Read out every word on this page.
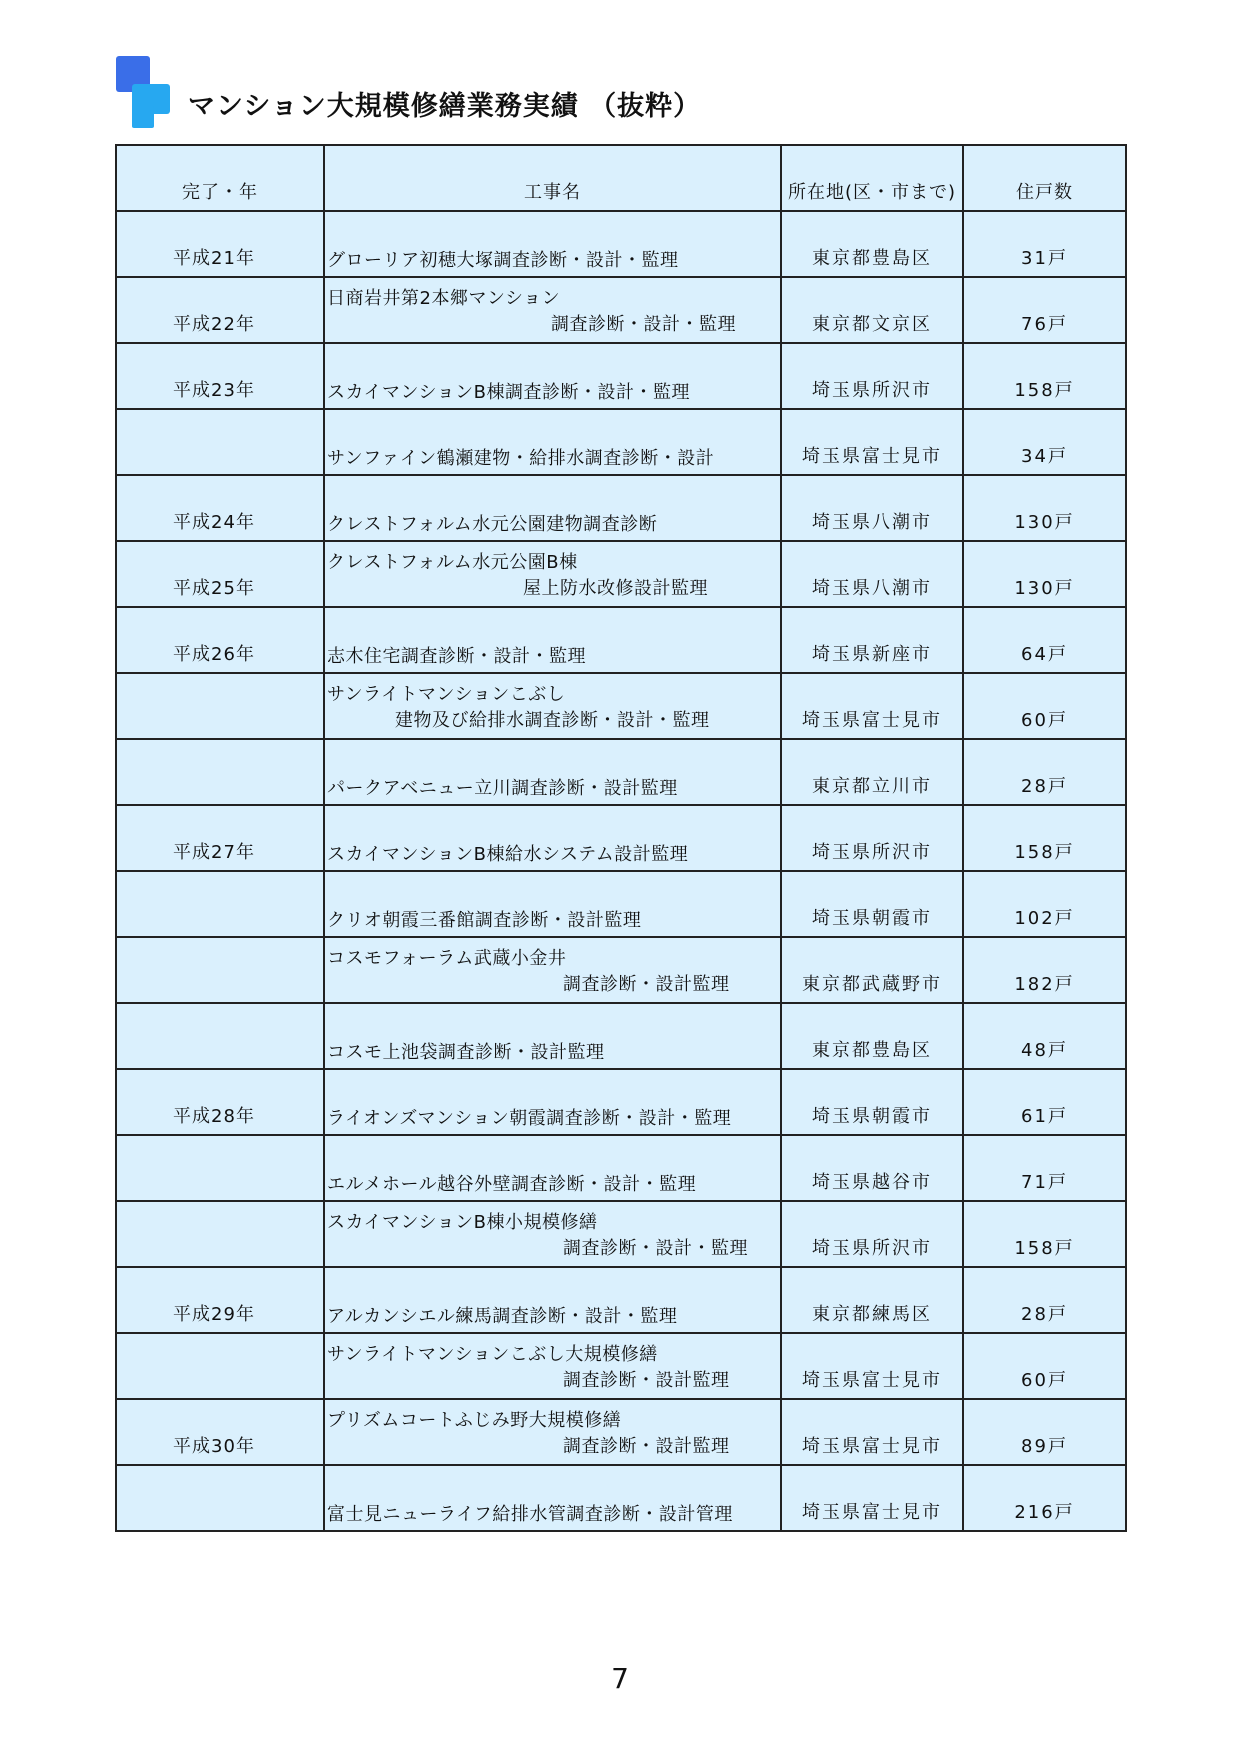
マンション大規模修繕業務実績 （抜粋）
完了・年	工事名	所在地(区・市まで)	住戸数

平成21年	グローリア初穂大塚調査診断・設計・監理	東京都豊島区	31戸

平成22年	日商岩井第2本郷マンション
調査診断・設計・監理	東京都文京区	76戸

平成23年	スカイマンションB棟調査診断・設計・監理	埼玉県所沢市	158戸

	サンファイン鶴瀬建物・給排水調査診断・設計	埼玉県富士見市	34戸

平成24年	クレストフォルム水元公園建物調査診断	埼玉県八潮市	130戸

平成25年	クレストフォルム水元公園B棟
屋上防水改修設計監理	埼玉県八潮市	130戸

平成26年	志木住宅調査診断・設計・監理	埼玉県新座市	64戸

	サンライトマンションこぶし
建物及び給排水調査診断・設計・監理	埼玉県富士見市	60戸

	パークアベニュー立川調査診断・設計監理	東京都立川市	28戸

平成27年	スカイマンションB棟給水システム設計監理	埼玉県所沢市	158戸

	クリオ朝霞三番館調査診断・設計監理	埼玉県朝霞市	102戸

	コスモフォーラム武蔵小金井
調査診断・設計監理	東京都武蔵野市	182戸

	コスモ上池袋調査診断・設計監理	東京都豊島区	48戸

平成28年	ライオンズマンション朝霞調査診断・設計・監理	埼玉県朝霞市	61戸

	エルメホール越谷外壁調査診断・設計・監理	埼玉県越谷市	71戸

	スカイマンションB棟小規模修繕
調査診断・設計・監理	埼玉県所沢市	158戸

平成29年	アルカンシエル練馬調査診断・設計・監理	東京都練馬区	28戸

	サンライトマンションこぶし大規模修繕
調査診断・設計監理	埼玉県富士見市	60戸

平成30年	プリズムコートふじみ野大規模修繕
調査診断・設計監理	埼玉県富士見市	89戸

	富士見ニューライフ給排水管調査診断・設計管理	埼玉県富士見市	216戸
7
